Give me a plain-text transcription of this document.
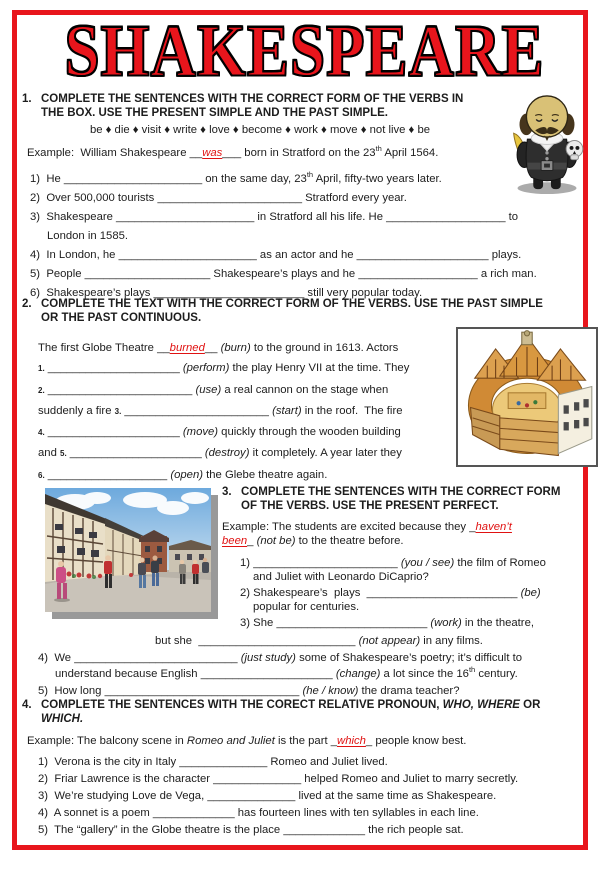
SHAKESPEARE
1. COMPLETE THE SENTENCES WITH THE CORRECT FORM OF THE VERBS IN
THE BOX. USE THE PRESENT SIMPLE AND THE PAST SIMPLE.
be ♦ die ♦ visit ♦ write ♦ love ♦ become ♦ work ♦ move ♦ not live ♦ be
Example:  William Shakespeare __was___ born in Stratford on the 23th April 1564.
1)  He ______________________ on the same day, 23th April, fifty-two years later.
2)  Over 500,000 tourists _______________________ Stratford every year.
3)  Shakespeare ______________________ in Stratford all his life. He ___________________ to
London in 1585.
4)  In London, he ______________________ as an actor and he _____________________ plays.
5)  People ____________________ Shakespeare’s plays and he ___________________ a rich man.
6)  Shakespeare’s plays ________________________ still very popular today.
2. COMPLETE THE TEXT WITH THE CORRECT FORM OF THE VERBS. USE THE PAST SIMPLE
OR THE PAST CONTINUOUS.
The first Globe Theatre __burned__ (burn) to the ground in 1613. Actors
1. _____________________ (perform) the play Henry VII at the time. They
2. _______________________ (use) a real cannon on the stage when
suddenly a fire 3. _______________________ (start) in the roof.  The fire
4. _____________________ (move) quickly through the wooden building
and 5. _____________________ (destroy) it completely. A year later they
6. ___________________ (open) the Glebe theatre again.
3. COMPLETE THE SENTENCES WITH THE CORRECT FORM
OF THE VERBS. USE THE PRESENT PERFECT.
Example: The students are excited because they _haven’t
been_ (not be) to the theatre before.
1) _______________________ (you / see) the film of Romeo
and Juliet with Leonardo DiCaprio?
2) Shakespeare’s  plays  ________________________ (be)
popular for centuries.
3) She ________________________ (work) in the theatre,
but she  _________________________ (not appear) in any films.
4)  We __________________________ (just study) some of Shakespeare’s poetry; it’s difficult to
understand because English _____________________ (change) a lot since the 16th century.
5)  How long _______________________________ (he / know) the drama teacher?
4. COMPLETE THE SENTENCES WITH THE CORECT RELATIVE PRONOUN, WHO, WHERE OR
WHICH.
Example: The balcony scene in Romeo and Juliet is the part _which_ people know best.
1)  Verona is the city in Italy ______________ Romeo and Juliet lived.
2)  Friar Lawrence is the character ______________ helped Romeo and Juliet to marry secretly.
3)  We’re studying Love de Vega, ______________ lived at the same time as Shakespeare.
4)  A sonnet is a poem _____________ has fourteen lines with ten syllables in each line.
5)  The “gallery” in the Globe theatre is the place _____________ the rich people sat.
